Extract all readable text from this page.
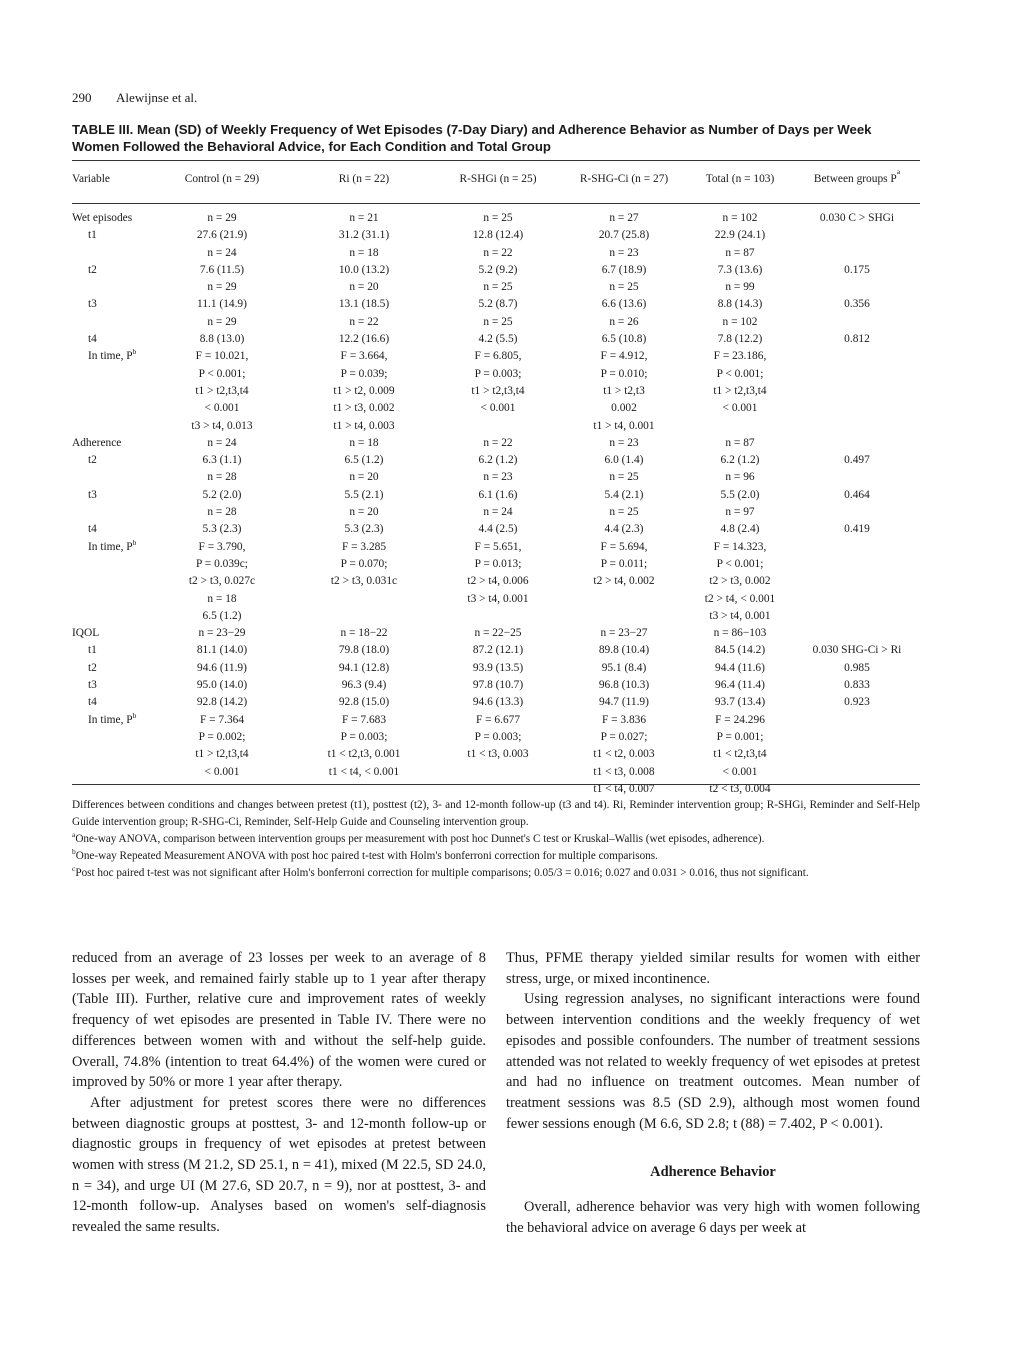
290 Alewijnse et al.
TABLE III. Mean (SD) of Weekly Frequency of Wet Episodes (7-Day Diary) and Adherence Behavior as Number of Days per Week Women Followed the Behavioral Advice, for Each Condition and Total Group
Variable	Control (n = 29)	Ri (n = 22)	R-SHGi (n = 25)	R-SHG-Ci (n = 27)	Total (n = 103)	Between groups $P^a$

Wet episodes	n = 29	n = 21	n = 25	n = 27	n = 102	0.030 C > SHGi
t1	27.6 (21.9)	31.2 (31.1)	12.8 (12.4)	20.7 (25.8)	22.9 (24.1)	
	n = 24	n = 18	n = 22	n = 23	n = 87	
t2	7.6 (11.5)	10.0 (13.2)	5.2 (9.2)	6.7 (18.9)	7.3 (13.6)	0.175
	n = 29	n = 20	n = 25	n = 25	n = 99	
t3	11.1 (14.9)	13.1 (18.5)	5.2 (8.7)	6.6 (13.6)	8.8 (14.3)	0.356
	n = 29	n = 22	n = 25	n = 26	n = 102	
t4	8.8 (13.0)	12.2 (16.6)	4.2 (5.5)	6.5 (10.8)	7.8 (12.2)	0.812
In time, $P^b$	F = 10.021,	F = 3.664,	F = 6.805,	F = 4.912,	F = 23.186,	
	P < 0.001;	P = 0.039;	P = 0.003;	P = 0.010;	P < 0.001;	
	t1 > t2,t3,t4	t1 > t2, 0.009	t1 > t2,t3,t4	t1 > t2,t3	t1 > t2,t3,t4	
	< 0.001	t1 > t3, 0.002	< 0.001	0.002	< 0.001	
	t3 > t4, 0.013	t1 > t4, 0.003		t1 > t4, 0.001		
Adherence	n = 24	n = 18	n = 22	n = 23	n = 87	
t2	6.3 (1.1)	6.5 (1.2)	6.2 (1.2)	6.0 (1.4)	6.2 (1.2)	0.497
	n = 28	n = 20	n = 23	n = 25	n = 96	
t3	5.2 (2.0)	5.5 (2.1)	6.1 (1.6)	5.4 (2.1)	5.5 (2.0)	0.464
	n = 28	n = 20	n = 24	n = 25	n = 97	
t4	5.3 (2.3)	5.3 (2.3)	4.4 (2.5)	4.4 (2.3)	4.8 (2.4)	0.419
In time, $P^b$	F = 3.790,	F = 3.285	F = 5.651,	F = 5.694,	F = 14.323,	
	P = 0.039c;	P = 0.070;	P = 0.013;	P = 0.011;	P < 0.001;	
	t2 > t3, 0.027c	t2 > t3, 0.031c	t2 > t4, 0.006	t2 > t4, 0.002	t2 > t3, 0.002	
	n = 18		t3 > t4, 0.001		t2 > t4, < 0.001	
	6.5 (1.2)				t3 > t4, 0.001	
IQOL	n = 23−29	n = 18−22	n = 22−25	n = 23−27	n = 86−103	
t1	81.1 (14.0)	79.8 (18.0)	87.2 (12.1)	89.8 (10.4)	84.5 (14.2)	0.030 SHG-Ci > Ri
t2	94.6 (11.9)	94.1 (12.8)	93.9 (13.5)	95.1 (8.4)	94.4 (11.6)	0.985
t3	95.0 (14.0)	96.3 (9.4)	97.8 (10.7)	96.8 (10.3)	96.4 (11.4)	0.833
t4	92.8 (14.2)	92.8 (15.0)	94.6 (13.3)	94.7 (11.9)	93.7 (13.4)	0.923
In time, $P^b$	F = 7.364	F = 7.683	F = 6.677	F = 3.836	F = 24.296	
	P = 0.002;	P = 0.003;	P = 0.003;	P = 0.027;	P = 0.001;	
	t1 > t2,t3,t4	t1 < t2,t3, 0.001	t1 < t3, 0.003	t1 < t2, 0.003	t1 < t2,t3,t4	
	< 0.001	t1 < t4, < 0.001		t1 < t3, 0.008	< 0.001	
				t1 < t4, 0.007	t2 < t3, 0.004	

Differences between conditions and changes between pretest (t1), posttest (t2), 3- and 12-month follow-up (t3 and t4). Ri, Reminder intervention group; R-SHGi, Reminder and Self-Help Guide intervention group; R-SHG-Ci, Reminder, Self-Help Guide and Counseling intervention group.

$^a$One-way ANOVA, comparison between intervention groups per measurement with post hoc Dunnet's C test or Kruskal–Wallis (wet episodes, adherence).

$^b$One-way Repeated Measurement ANOVA with post hoc paired t-test with Holm's bonferroni correction for multiple comparisons.

$^c$Post hoc paired t-test was not significant after Holm's bonferroni correction for multiple comparisons; 0.05/3 = 0.016; 0.027 and 0.031 > 0.016, thus not significant.

reduced from an average of 23 losses per week to an average of 8 losses per week, and remained fairly stable up to 1 year after therapy (Table III). Further, relative cure and improvement rates of weekly frequency of wet episodes are presented in Table IV. There were no differences between women with and without the self-help guide. Overall, 74.8% (intention to treat 64.4%) of the women were cured or improved by 50% or more 1 year after therapy.

After adjustment for pretest scores there were no differences between diagnostic groups at posttest, 3- and 12-month follow-up or diagnostic groups in frequency of wet episodes at pretest between women with stress (M 21.2, SD 25.1, n = 41), mixed (M 22.5, SD 24.0, n = 34), and urge UI (M 27.6, SD 20.7, n = 9), nor at posttest, 3- and 12-month follow-up. Analyses based on women's self-diagnosis revealed the same results.

Thus, PFME therapy yielded similar results for women with either stress, urge, or mixed incontinence.

Using regression analyses, no significant interactions were found between intervention conditions and the weekly frequency of wet episodes and possible confounders. The number of treatment sessions attended was not related to weekly frequency of wet episodes at pretest and had no influence on treatment outcomes. Mean number of treatment sessions was 8.5 (SD 2.9), although most women found fewer sessions enough (M 6.6, SD 2.8; t (88) = 7.402, P < 0.001).

Adherence Behavior

Overall, adherence behavior was very high with women following the behavioral advice on average 6 days per week at
